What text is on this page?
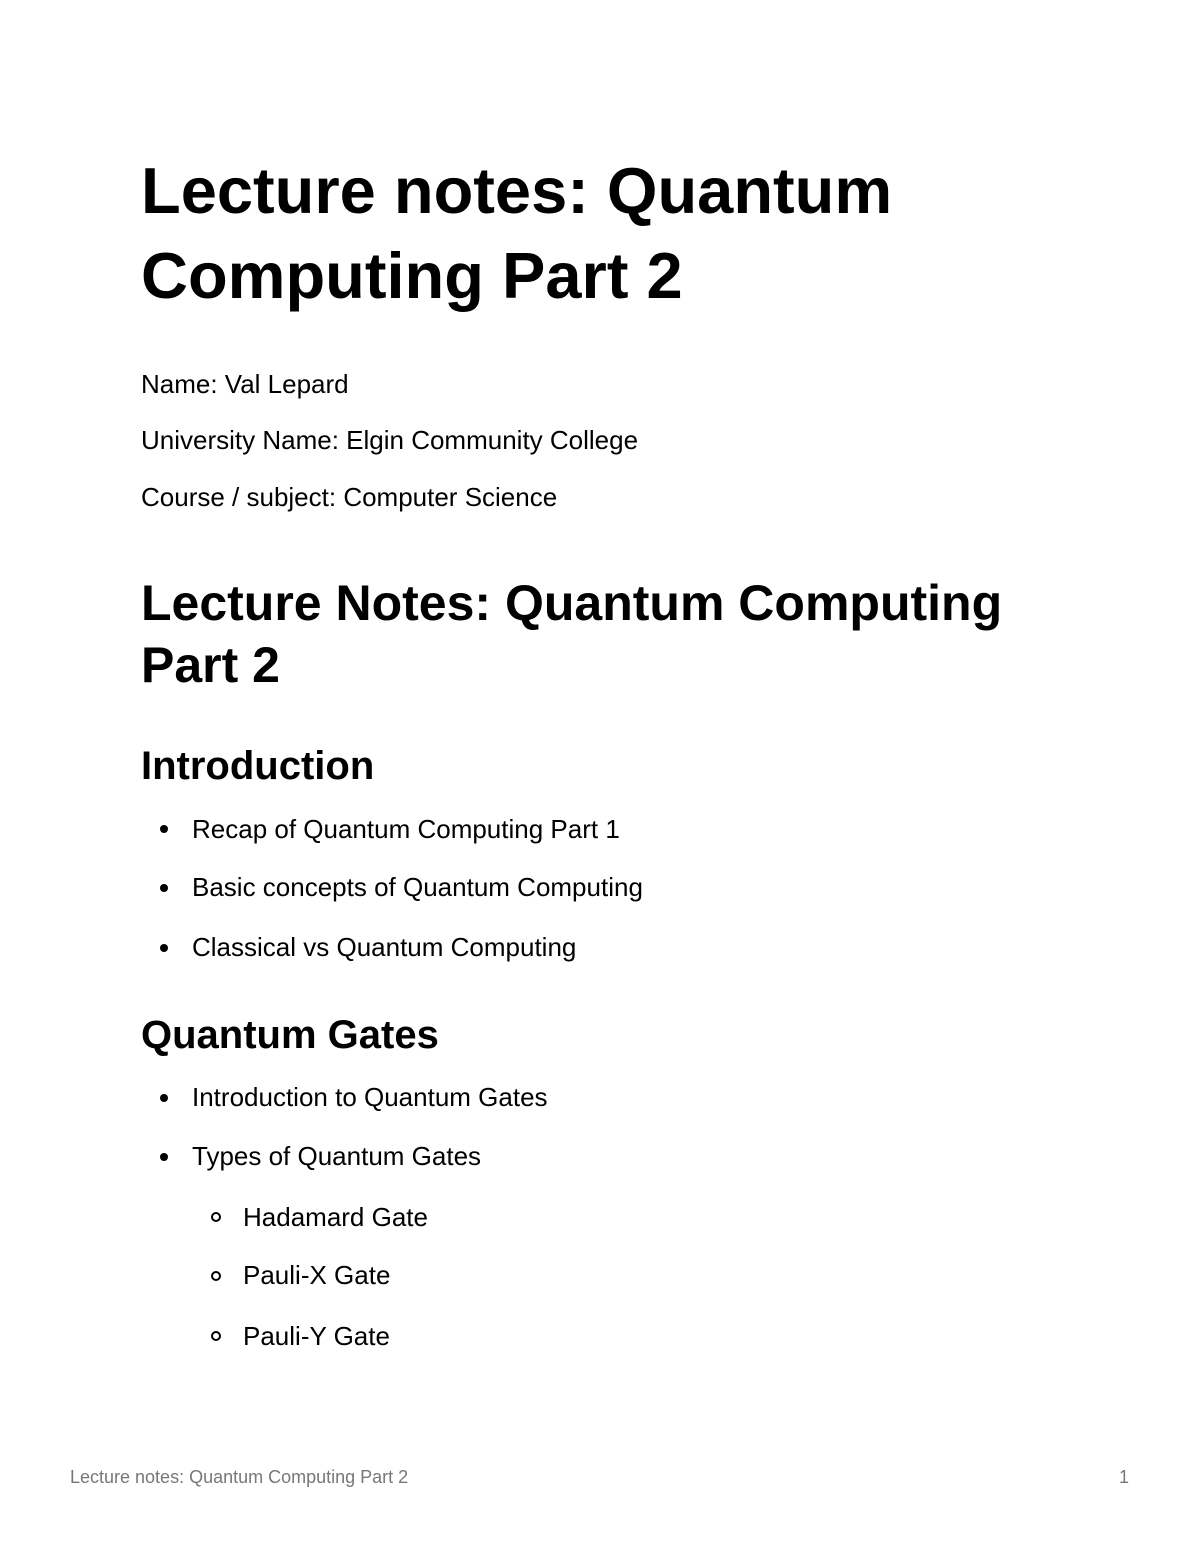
Lecture notes: Quantum Computing Part 2

Name: Val Lepard

University Name: Elgin Community College

Course / subject: Computer Science

Lecture Notes: Quantum Computing Part 2
Introduction
Recap of Quantum Computing Part 1
Basic concepts of Quantum Computing
Classical vs Quantum Computing
Quantum Gates
Introduction to Quantum Gates
Types of Quantum Gates
Hadamard Gate
Pauli-X Gate
Pauli-Y Gate
Lecture notes: Quantum Computing Part 2	1
